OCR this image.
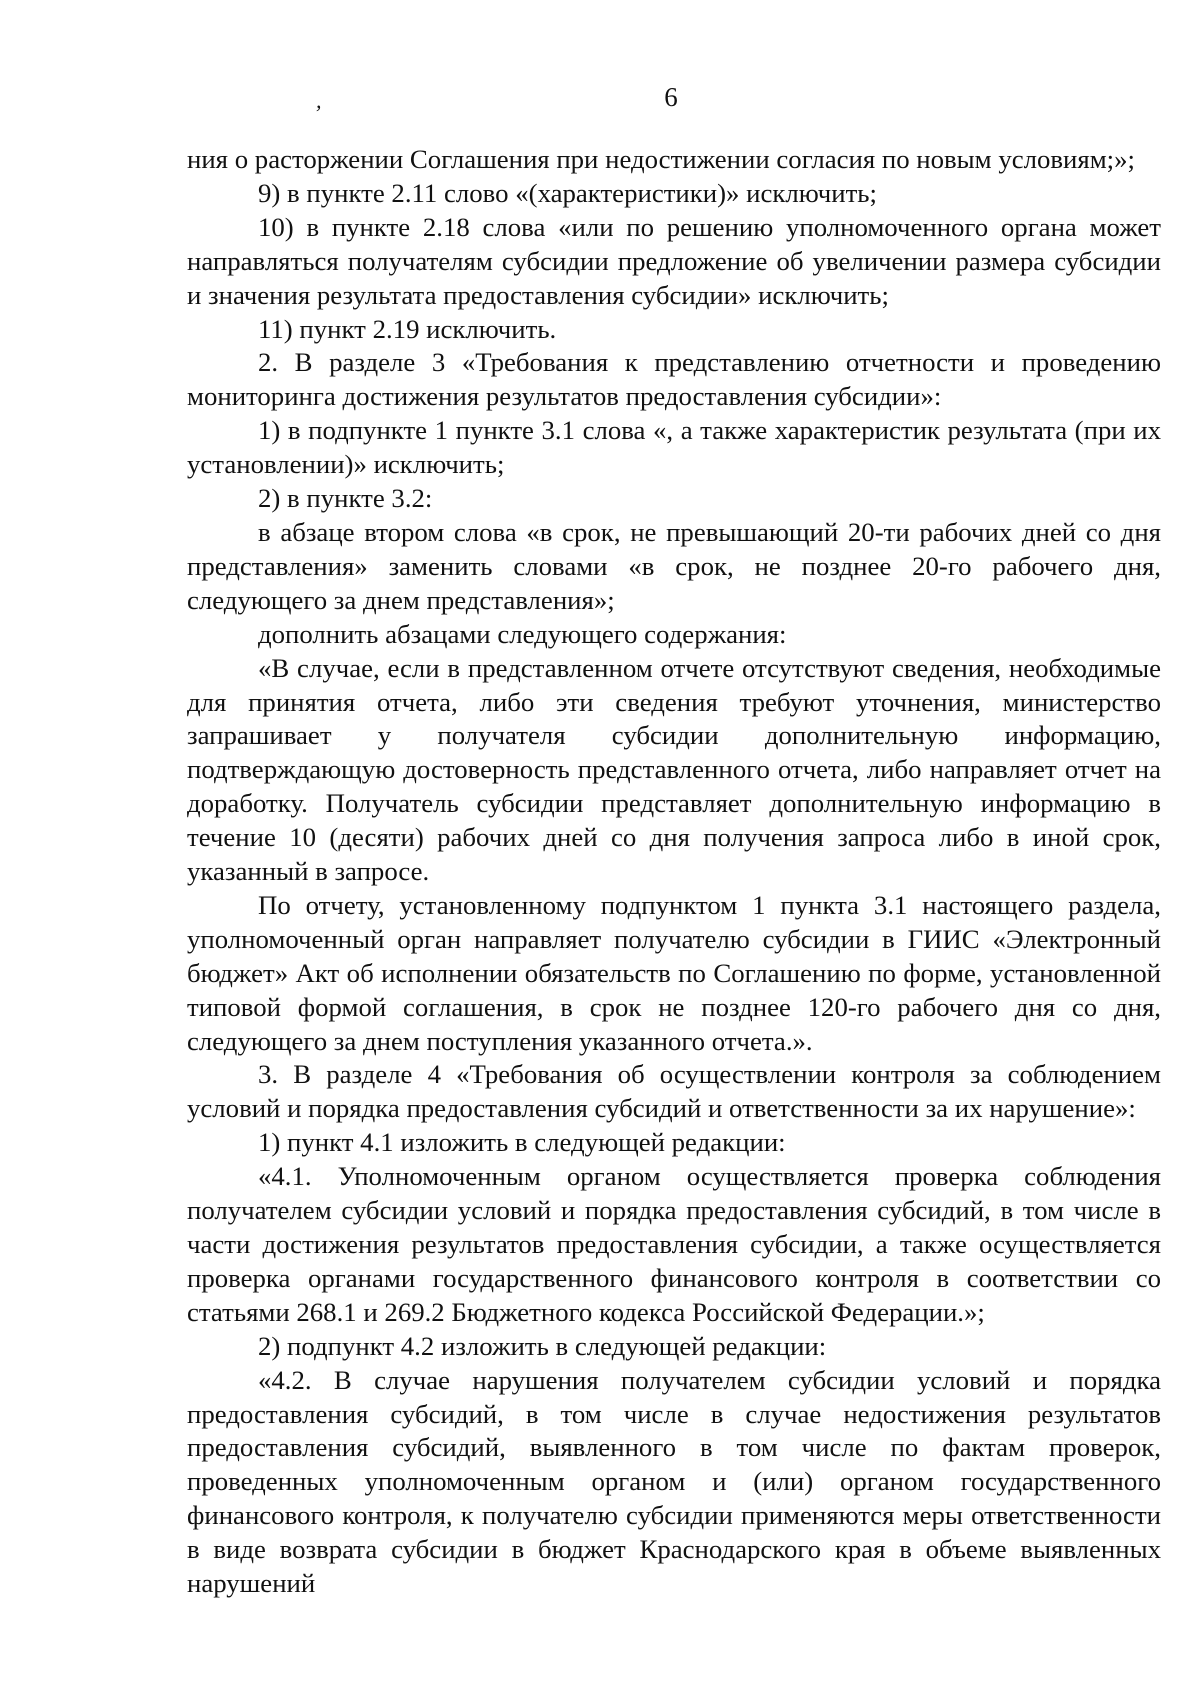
,	6

ния о расторжении Соглашения при недостижении согласия по новым условиям;»;

9) в пункте 2.11 слово «(характеристики)» исключить;

10) в пункте 2.18 слова «или по решению уполномоченного органа может направляться получателям субсидии предложение об увеличении размера субсидии и значения результата предоставления субсидии» исключить;

11) пункт 2.19 исключить.

2. В разделе 3 «Требования к представлению отчетности и проведению мониторинга достижения результатов предоставления субсидии»:

1) в подпункте 1 пункте 3.1 слова «, а также характеристик результата (при их установлении)» исключить;

2) в пункте 3.2:

в абзаце втором слова «в срок, не превышающий 20-ти рабочих дней со дня представления» заменить словами «в срок, не позднее 20-го рабочего дня, следующего за днем представления»;

дополнить абзацами следующего содержания:

«В случае, если в представленном отчете отсутствуют сведения, необходимые для принятия отчета, либо эти сведения требуют уточнения, министерство запрашивает у получателя субсидии дополнительную информацию, подтверждающую достоверность представленного отчета, либо направляет отчет на доработку. Получатель субсидии представляет дополнительную информацию в течение 10 (десяти) рабочих дней со дня получения запроса либо в иной срок, указанный в запросе.

По отчету, установленному подпунктом 1 пункта 3.1 настоящего раздела, уполномоченный орган направляет получателю субсидии в ГИИС «Электронный бюджет» Акт об исполнении обязательств по Соглашению по форме, установленной типовой формой соглашения, в срок не позднее 120-го рабочего дня со дня, следующего за днем поступления указанного отчета.».

3. В разделе 4 «Требования об осуществлении контроля за соблюдением условий и порядка предоставления субсидий и ответственности за их нарушение»:

1) пункт 4.1 изложить в следующей редакции:

«4.1. Уполномоченным органом осуществляется проверка соблюдения получателем субсидии условий и порядка предоставления субсидий, в том числе в части достижения результатов предоставления субсидии, а также осуществляется проверка органами государственного финансового контроля в соответствии со статьями 268.1 и 269.2 Бюджетного кодекса Российской Федерации.»;

2) подпункт 4.2 изложить в следующей редакции:

«4.2. В случае нарушения получателем субсидии условий и порядка предоставления субсидий, в том числе в случае недостижения результатов предоставления субсидий, выявленного в том числе по фактам проверок, проведенных уполномоченным органом и (или) органом государственного финансового контроля, к получателю субсидии применяются меры ответственности в виде возврата субсидии в бюджет Краснодарского края в объеме выявленных нарушений
